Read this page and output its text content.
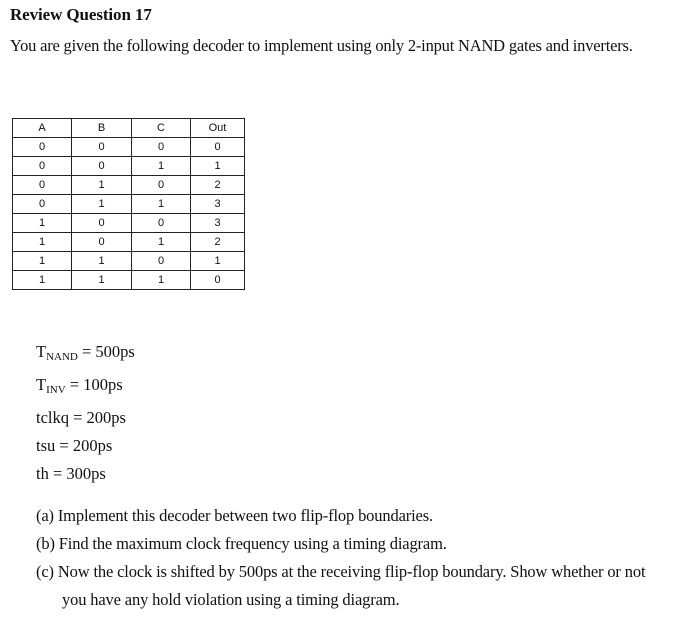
Review Question 17
You are given the following decoder to implement using only 2-input NAND gates and inverters.
A	B	C	Out
0	0	0	0
0	0	1	1
0	1	0	2
0	1	1	3
1	0	0	3
1	0	1	2
1	1	0	1
1	1	1	0
$T_{NAND} = 500ps$
$T_{INV} = 100ps$
tclkq = 200ps
tsu = 200ps
th = 300ps
(a) Implement this decoder between two flip-flop boundaries.
(b) Find the maximum clock frequency using a timing diagram.
(c) Now the clock is shifted by 500ps at the receiving flip-flop boundary. Show whether or not you have any hold violation using a timing diagram.
